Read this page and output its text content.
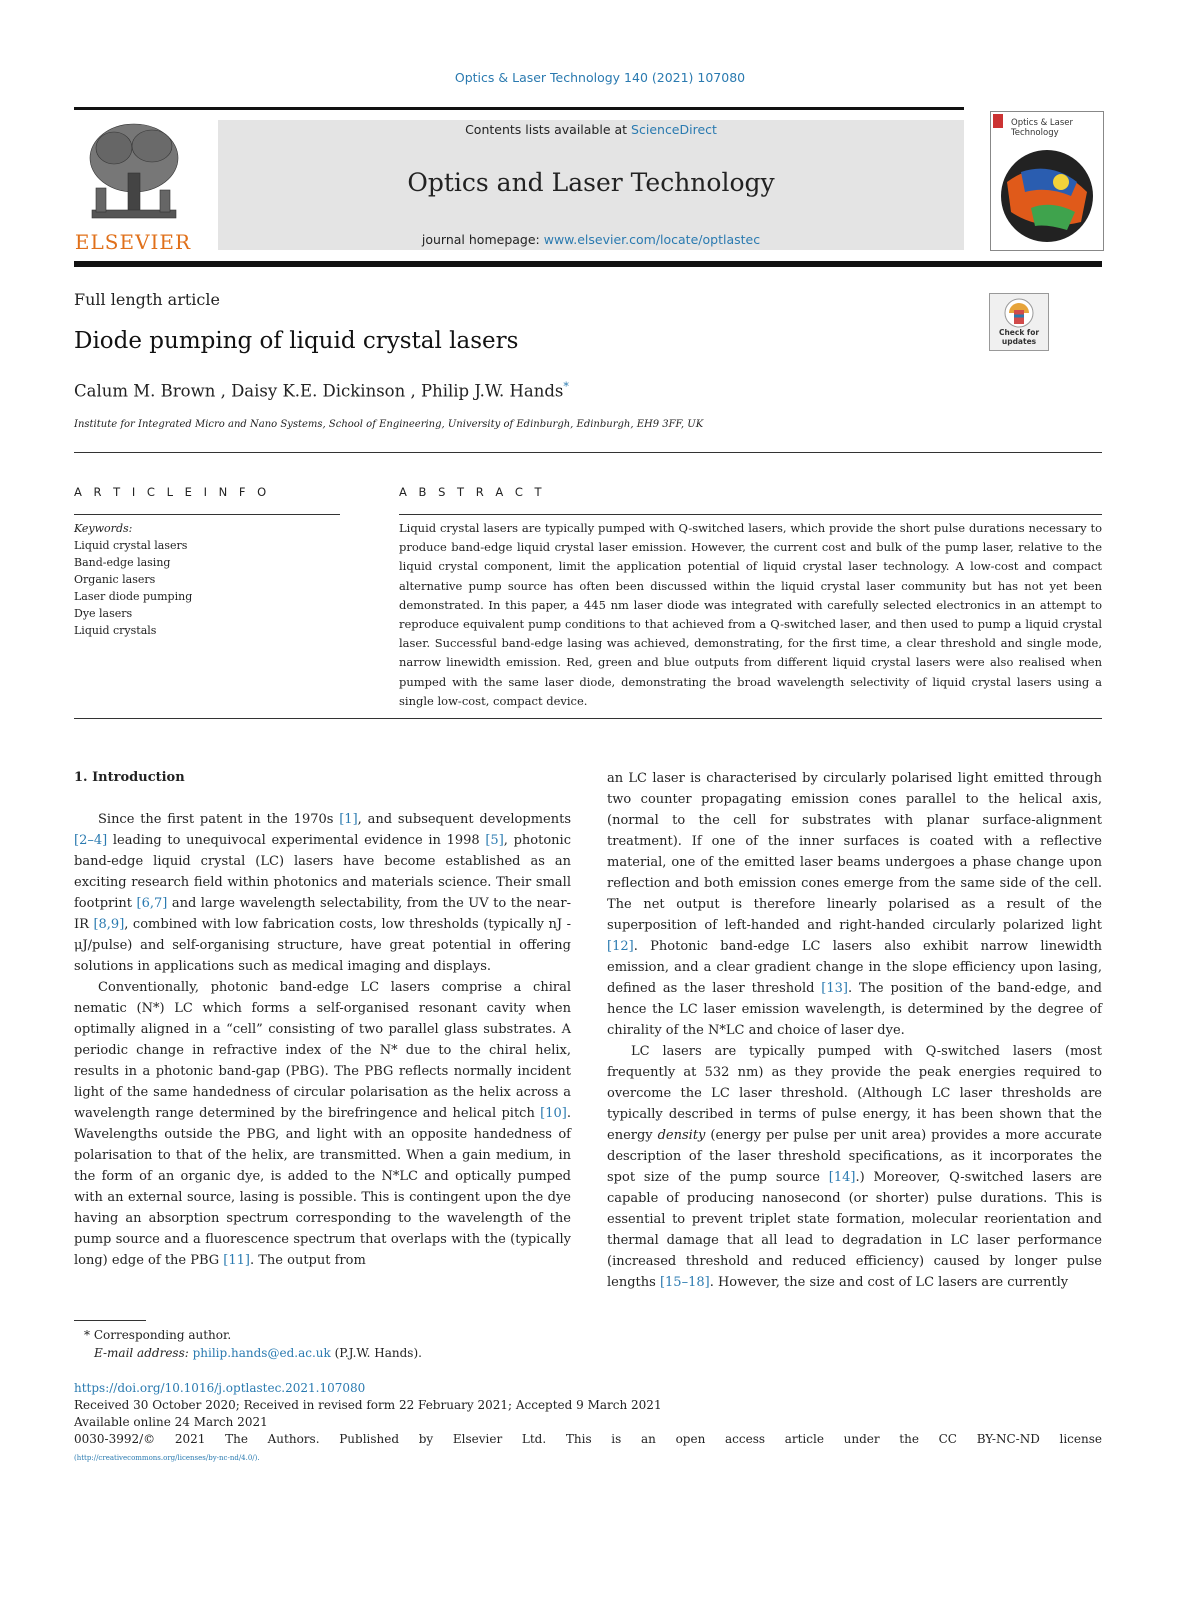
Optics & Laser Technology 140 (2021) 107080
ELSEVIER
Contents lists available at ScienceDirect
Optics and Laser Technology
journal homepage: www.elsevier.com/locate/optlastec
Optics & Laser Technology
Full length article
Diode pumping of liquid crystal lasers	Check for updates
Calum M. Brown , Daisy K.E. Dickinson , Philip J.W. Hands*
Institute for Integrated Micro and Nano Systems, School of Engineering, University of Edinburgh, Edinburgh, EH9 3FF, UK
A R T I C L E I N F O
Keywords:
Liquid crystal lasers
Band-edge lasing
Organic lasers
Laser diode pumping
Dye lasers
Liquid crystals
A B S T R A C T
Liquid crystal lasers are typically pumped with Q-switched lasers, which provide the short pulse durations necessary to produce band-edge liquid crystal laser emission. However, the current cost and bulk of the pump laser, relative to the liquid crystal component, limit the application potential of liquid crystal laser technology. A low-cost and compact alternative pump source has often been discussed within the liquid crystal laser community but has not yet been demonstrated. In this paper, a 445 nm laser diode was integrated with carefully selected electronics in an attempt to reproduce equivalent pump conditions to that achieved from a Q-switched laser, and then used to pump a liquid crystal laser. Successful band-edge lasing was achieved, demonstrating, for the first time, a clear threshold and single mode, narrow linewidth emission. Red, green and blue outputs from different liquid crystal lasers were also realised when pumped with the same laser diode, demonstrating the broad wavelength selectivity of liquid crystal lasers using a single low-cost, compact device.
1. Introduction

Since the first patent in the 1970s [1], and subsequent developments [2–4] leading to unequivocal experimental evidence in 1998 [5], photonic band-edge liquid crystal (LC) lasers have become established as an exciting research field within photonics and materials science. Their small footprint [6,7] and large wavelength selectability, from the UV to the near-IR [8,9], combined with low fabrication costs, low thresholds (typically nJ - μJ/pulse) and self-organising structure, have great potential in offering solutions in applications such as medical imaging and displays.

Conventionally, photonic band-edge LC lasers comprise a chiral nematic (N*) LC which forms a self-organised resonant cavity when optimally aligned in a “cell” consisting of two parallel glass substrates. A periodic change in refractive index of the N* due to the chiral helix, results in a photonic band-gap (PBG). The PBG reflects normally incident light of the same handedness of circular polarisation as the helix across a wavelength range determined by the birefringence and helical pitch [10]. Wavelengths outside the PBG, and light with an opposite handedness of polarisation to that of the helix, are transmitted. When a gain medium, in the form of an organic dye, is added to the N*LC and optically pumped with an external source, lasing is possible. This is contingent upon the dye having an absorption spectrum corresponding to the wavelength of the pump source and a fluorescence spectrum that overlaps with the (typically long) edge of the PBG [11]. The output from

an LC laser is characterised by circularly polarised light emitted through two counter propagating emission cones parallel to the helical axis, (normal to the cell for substrates with planar surface-alignment treatment). If one of the inner surfaces is coated with a reflective material, one of the emitted laser beams undergoes a phase change upon reflection and both emission cones emerge from the same side of the cell. The net output is therefore linearly polarised as a result of the superposition of left-handed and right-handed circularly polarized light [12]. Photonic band-edge LC lasers also exhibit narrow linewidth emission, and a clear gradient change in the slope efficiency upon lasing, defined as the laser threshold [13]. The position of the band-edge, and hence the LC laser emission wavelength, is determined by the degree of chirality of the N*LC and choice of laser dye.

LC lasers are typically pumped with Q-switched lasers (most frequently at 532 nm) as they provide the peak energies required to overcome the LC laser threshold. (Although LC laser thresholds are typically described in terms of pulse energy, it has been shown that the energy density (energy per pulse per unit area) provides a more accurate description of the laser threshold specifications, as it incorporates the spot size of the pump source [14].) Moreover, Q-switched lasers are capable of producing nanosecond (or shorter) pulse durations. This is essential to prevent triplet state formation, molecular reorientation and thermal damage that all lead to degradation in LC laser performance (increased threshold and reduced efficiency) caused by longer pulse lengths [15–18]. However, the size and cost of LC lasers are currently

* Corresponding author.
E-mail address: philip.hands@ed.ac.uk (P.J.W. Hands).
https://doi.org/10.1016/j.optlastec.2021.107080
Received 30 October 2020; Received in revised form 22 February 2021; Accepted 9 March 2021
Available online 24 March 2021
0030-3992/© 2021 The Authors. Published by Elsevier Ltd. This is an open access article under the CC BY-NC-ND license
(http://creativecommons.org/licenses/by-nc-nd/4.0/).
